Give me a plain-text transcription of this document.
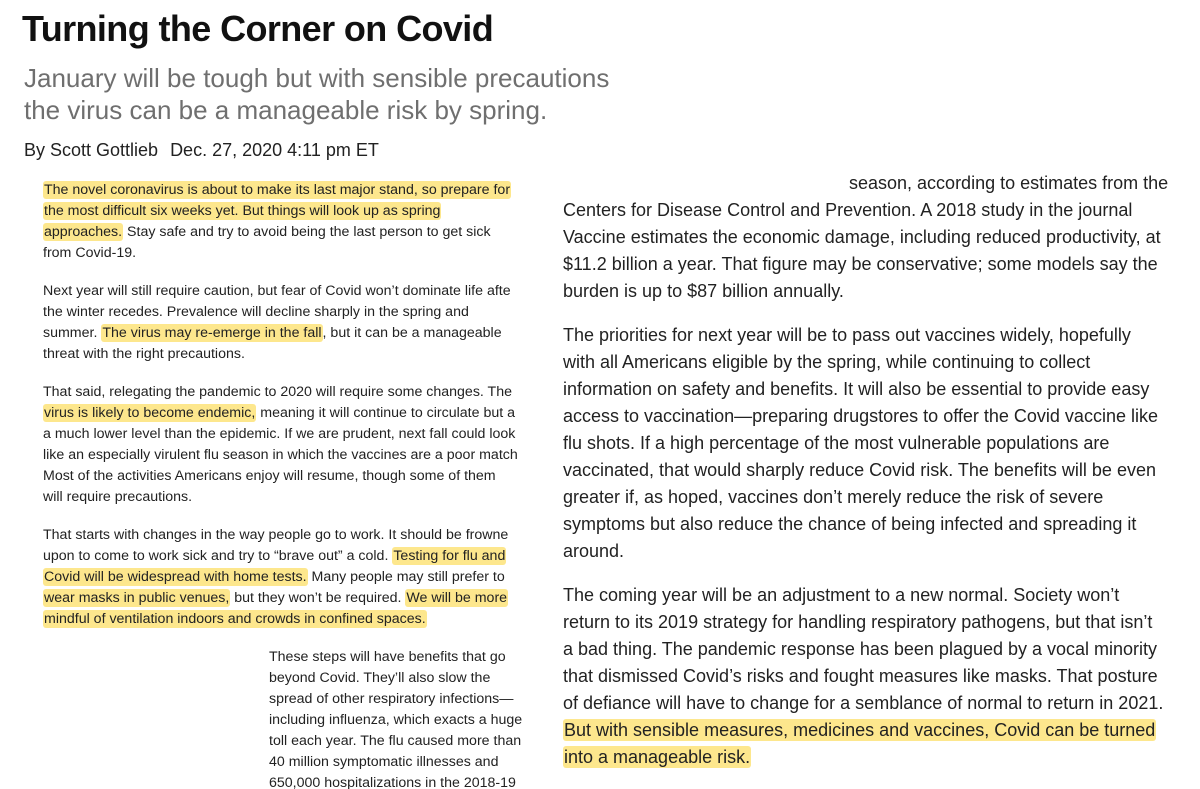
Turning the Corner on Covid
January will be tough but with sensible precautions
the virus can be a manageable risk by spring.
By Scott Gottlieb Dec. 27, 2020 4:11 pm ET

The novel coronavirus is about to make its last major stand, so prepare for
the most difficult six weeks yet. But things will look up as spring
approaches. Stay safe and try to avoid being the last person to get sick
from Covid-19.

Next year will still require caution, but fear of Covid won’t dominate life afte
the winter recedes. Prevalence will decline sharply in the spring and
summer. The virus may re-emerge in the fall, but it can be a manageable
threat with the right precautions.

That said, relegating the pandemic to 2020 will require some changes. The
virus is likely to become endemic, meaning it will continue to circulate but a
a much lower level than the epidemic. If we are prudent, next fall could look
like an especially virulent flu season in which the vaccines are a poor match
Most of the activities Americans enjoy will resume, though some of them
will require precautions.

That starts with changes in the way people go to work. It should be frowne
upon to come to work sick and try to “brave out” a cold. Testing for flu and
Covid will be widespread with home tests. Many people may still prefer to
wear masks in public venues, but they won’t be required. We will be more
mindful of ventilation indoors and crowds in confined spaces.

These steps will have benefits that go
beyond Covid. They’ll also slow the
spread of other respiratory infections—
including influenza, which exacts a huge
toll each year. The flu caused more than
40 million symptomatic illnesses and
650,000 hospitalizations in the 2018-19

season, according to estimates from the
Centers for Disease Control and Prevention. A 2018 study in the journal
Vaccine estimates the economic damage, including reduced productivity, at
$11.2 billion a year. That figure may be conservative; some models say the
burden is up to $87 billion annually.

The priorities for next year will be to pass out vaccines widely, hopefully
with all Americans eligible by the spring, while continuing to collect
information on safety and benefits. It will also be essential to provide easy
access to vaccination—preparing drugstores to offer the Covid vaccine like
flu shots. If a high percentage of the most vulnerable populations are
vaccinated, that would sharply reduce Covid risk. The benefits will be even
greater if, as hoped, vaccines don’t merely reduce the risk of severe
symptoms but also reduce the chance of being infected and spreading it
around.

The coming year will be an adjustment to a new normal. Society won’t
return to its 2019 strategy for handling respiratory pathogens, but that isn’t
a bad thing. The pandemic response has been plagued by a vocal minority
that dismissed Covid’s risks and fought measures like masks. That posture
of defiance will have to change for a semblance of normal to return in 2021.
But with sensible measures, medicines and vaccines, Covid can be turned
into a manageable risk.
